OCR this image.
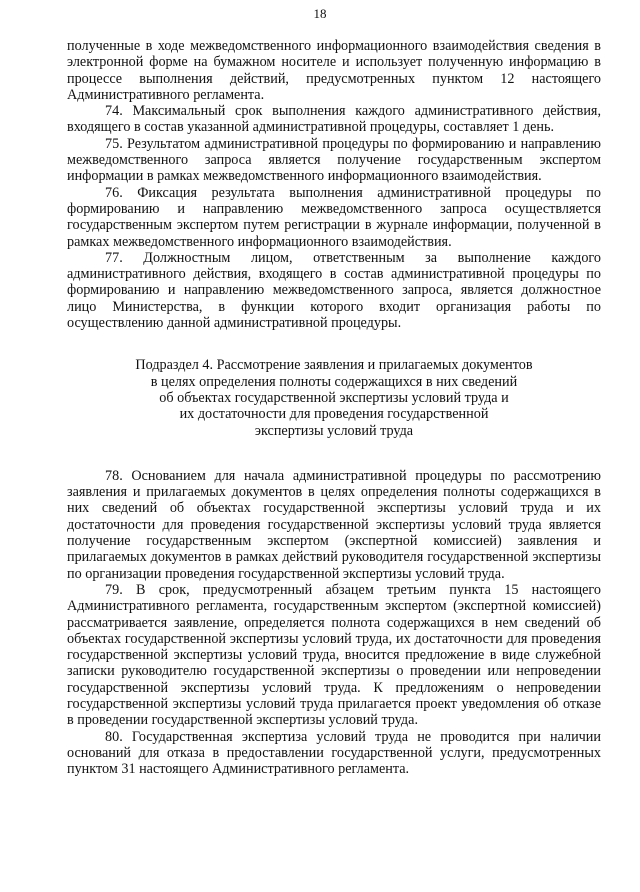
18

полученные в ходе межведомственного информационного взаимодействия сведения в электронной форме на бумажном носителе и использует полученную информацию в процессе выполнения действий, предусмотренных пунктом 12 настоящего Административного регламента.

74. Максимальный срок выполнения каждого административного действия, входящего в состав указанной административной процедуры, составляет 1 день.

75. Результатом административной процедуры по формированию и направлению межведомственного запроса является получение государственным экспертом информации в рамках межведомственного информационного взаимодействия.

76. Фиксация результата выполнения административной процедуры по формированию и направлению межведомственного запроса осуществляется государственным экспертом путем регистрации в журнале информации, полученной в рамках межведомственного информационного взаимодействия.

77. Должностным лицом, ответственным за выполнение каждого административного действия, входящего в состав административной процедуры по формированию и направлению межведомственного запроса, является должностное лицо Министерства, в функции которого входит организация работы по осуществлению данной административной процедуры.

Подраздел 4. Рассмотрение заявления и прилагаемых документов
в целях определения полноты содержащихся в них сведений
об объектах государственной экспертизы условий труда и
их достаточности для проведения государственной
экспертизы условий труда

78. Основанием для начала административной процедуры по рассмотрению заявления и прилагаемых документов в целях определения полноты содержащихся в них сведений об объектах государственной экспертизы условий труда и их достаточности для проведения государственной экспертизы условий труда является получение государственным экспертом (экспертной комиссией) заявления и прилагаемых документов в рамках действий руководителя государственной экспертизы по организации проведения государственной экспертизы условий труда.

79. В срок, предусмотренный абзацем третьим пункта 15 настоящего Административного регламента, государственным экспертом (экспертной комиссией) рассматривается заявление, определяется полнота содержащихся в нем сведений об объектах государственной экспертизы условий труда, их достаточности для проведения государственной экспертизы условий труда, вносится предложение в виде служебной записки руководителю государственной экспертизы о проведении или непроведении государственной экспертизы условий труда. К предложениям о непроведении государственной экспертизы условий труда прилагается проект уведомления об отказе в проведении государственной экспертизы условий труда.

80. Государственная экспертиза условий труда не проводится при наличии оснований для отказа в предоставлении государственной услуги, предусмотренных пунктом 31 настоящего Административного регламента.
